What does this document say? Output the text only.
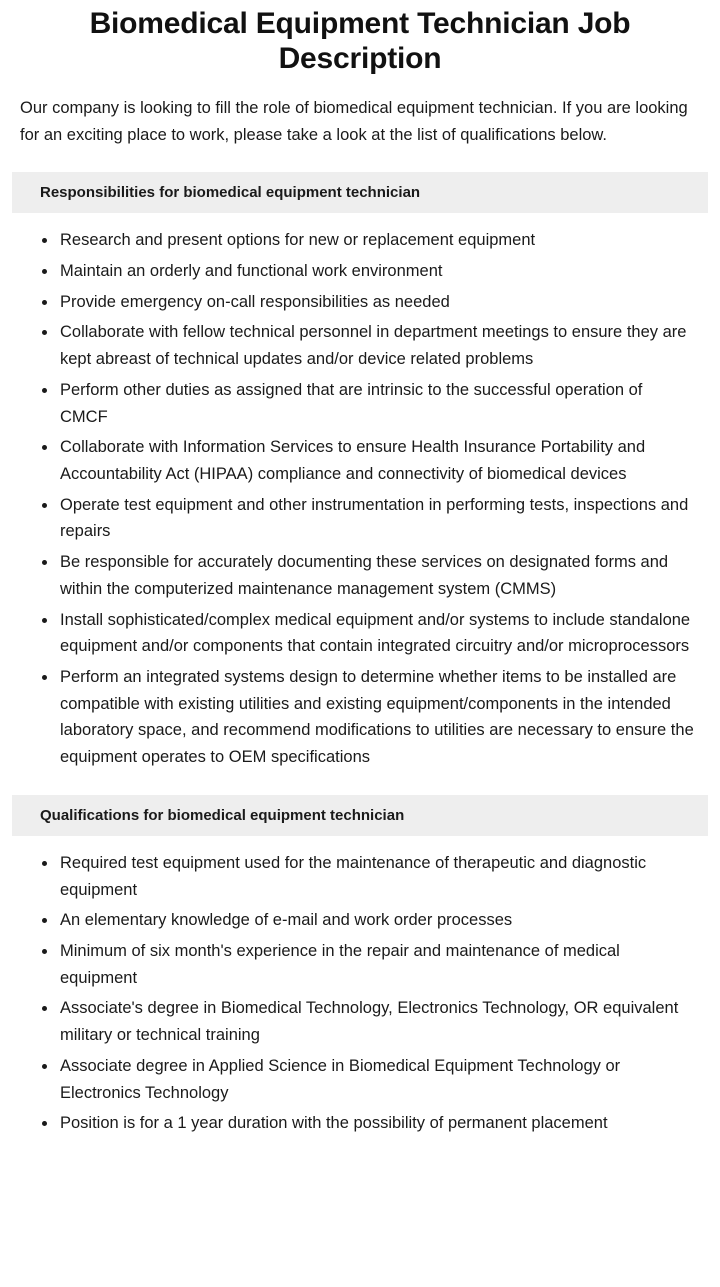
Biomedical Equipment Technician Job Description

Our company is looking to fill the role of biomedical equipment technician. If you are looking for an exciting place to work, please take a look at the list of qualifications below.

Responsibilities for biomedical equipment technician
Research and present options for new or replacement equipment
Maintain an orderly and functional work environment
Provide emergency on-call responsibilities as needed
Collaborate with fellow technical personnel in department meetings to ensure they are kept abreast of technical updates and/or device related problems
Perform other duties as assigned that are intrinsic to the successful operation of CMCF
Collaborate with Information Services to ensure Health Insurance Portability and Accountability Act (HIPAA) compliance and connectivity of biomedical devices
Operate test equipment and other instrumentation in performing tests, inspections and repairs
Be responsible for accurately documenting these services on designated forms and within the computerized maintenance management system (CMMS)
Install sophisticated/complex medical equipment and/or systems to include standalone equipment and/or components that contain integrated circuitry and/or microprocessors
Perform an integrated systems design to determine whether items to be installed are compatible with existing utilities and existing equipment/components in the intended laboratory space, and recommend modifications to utilities are necessary to ensure the equipment operates to OEM specifications
Qualifications for biomedical equipment technician
Required test equipment used for the maintenance of therapeutic and diagnostic equipment
An elementary knowledge of e-mail and work order processes
Minimum of six month's experience in the repair and maintenance of medical equipment
Associate's degree in Biomedical Technology, Electronics Technology, OR equivalent military or technical training
Associate degree in Applied Science in Biomedical Equipment Technology or Electronics Technology
Position is for a 1 year duration with the possibility of permanent placement
